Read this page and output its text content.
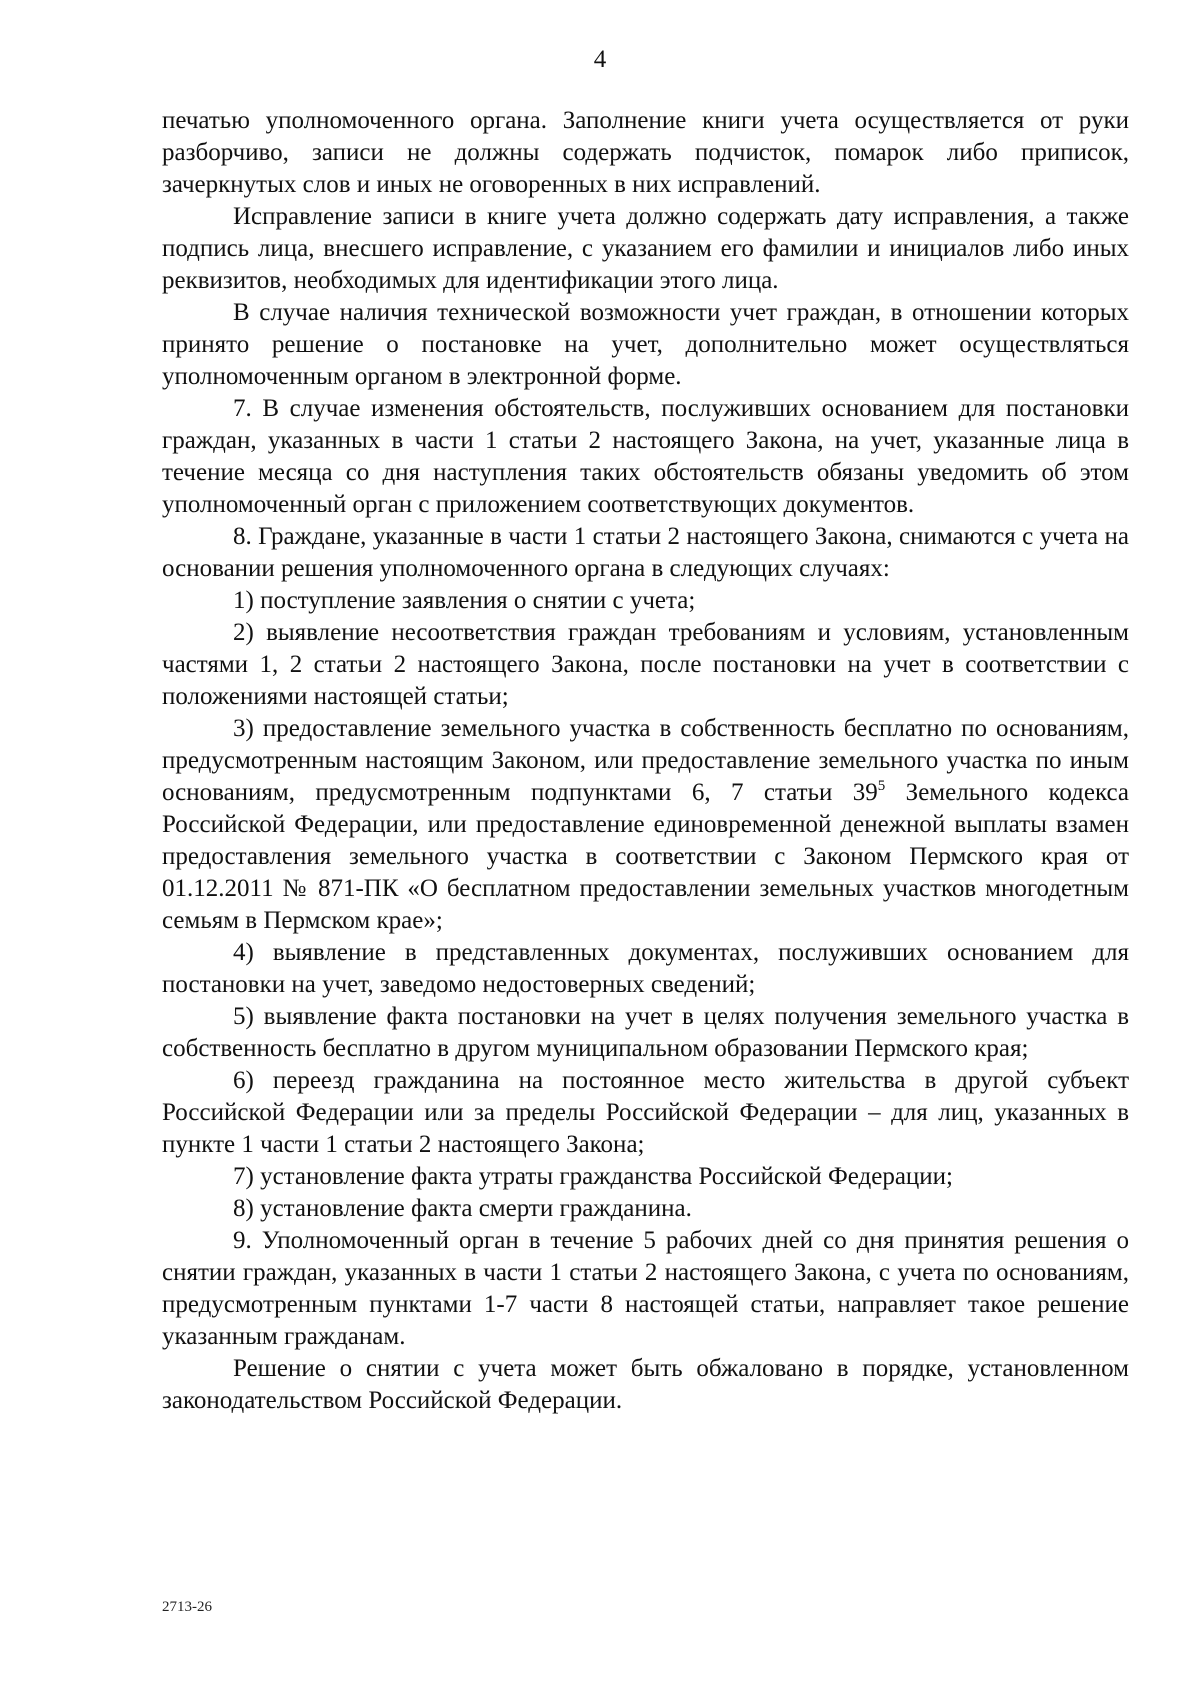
4

печатью уполномоченного органа. Заполнение книги учета осуществляется от руки разборчиво, записи не должны содержать подчисток, помарок либо приписок, зачеркнутых слов и иных не оговоренных в них исправлений.

Исправление записи в книге учета должно содержать дату исправления, а также подпись лица, внесшего исправление, с указанием его фамилии и инициалов либо иных реквизитов, необходимых для идентификации этого лица.

В случае наличия технической возможности учет граждан, в отношении которых принято решение о постановке на учет, дополнительно может осуществляться уполномоченным органом в электронной форме.

7. В случае изменения обстоятельств, послуживших основанием для постановки граждан, указанных в части 1 статьи 2 настоящего Закона, на учет, указанные лица в течение месяца со дня наступления таких обстоятельств обязаны уведомить об этом уполномоченный орган с приложением соответствующих документов.

8. Граждане, указанные в части 1 статьи 2 настоящего Закона, снимаются с учета на основании решения уполномоченного органа в следующих случаях:

1) поступление заявления о снятии с учета;

2) выявление несоответствия граждан требованиям и условиям, установленным частями 1, 2 статьи 2 настоящего Закона, после постановки на учет в соответствии с положениями настоящей статьи;

3) предоставление земельного участка в собственность бесплатно по основаниям, предусмотренным настоящим Законом, или предоставление земельного участка по иным основаниям, предусмотренным подпунктами 6, 7 статьи $39^5$ Земельного кодекса Российской Федерации, или предоставление единовременной денежной выплаты взамен предоставления земельного участка в соответствии с Законом Пермского края от 01.12.2011 № 871-ПК «О бесплатном предоставлении земельных участков многодетным семьям в Пермском крае»;

4) выявление в представленных документах, послуживших основанием для постановки на учет, заведомо недостоверных сведений;

5) выявление факта постановки на учет в целях получения земельного участка в собственность бесплатно в другом муниципальном образовании Пермского края;

6) переезд гражданина на постоянное место жительства в другой субъект Российской Федерации или за пределы Российской Федерации – для лиц, указанных в пункте 1 части 1 статьи 2 настоящего Закона;

7) установление факта утраты гражданства Российской Федерации;

8) установление факта смерти гражданина.

9. Уполномоченный орган в течение 5 рабочих дней со дня принятия решения о снятии граждан, указанных в части 1 статьи 2 настоящего Закона, с учета по основаниям, предусмотренным пунктами 1-7 части 8 настоящей статьи, направляет такое решение указанным гражданам.

Решение о снятии с учета может быть обжаловано в порядке, установленном законодательством Российской Федерации.

2713-26
